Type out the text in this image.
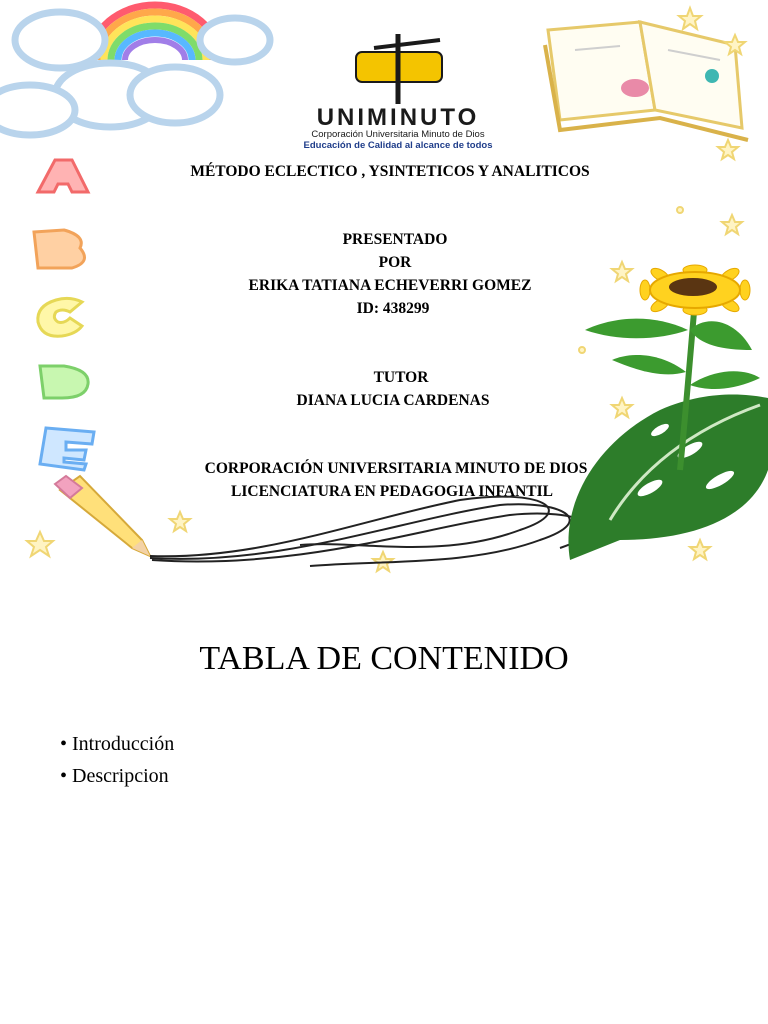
UNIMINUTO
Corporación Universitaria Minuto de Dios
Educación de Calidad al alcance de todos
MÉTODO ECLECTICO , YSINTETICOS Y ANALITICOS
PRESENTADO
POR
ERIKA TATIANA ECHEVERRI GOMEZ
ID: 438299
TUTOR
DIANA LUCIA CARDENAS
CORPORACIÓN UNIVERSITARIA MINUTO DE DIOS
LICENCIATURA EN PEDAGOGIA INFANTIL
TABLA DE CONTENIDO
• Introducción
• Descripcion
